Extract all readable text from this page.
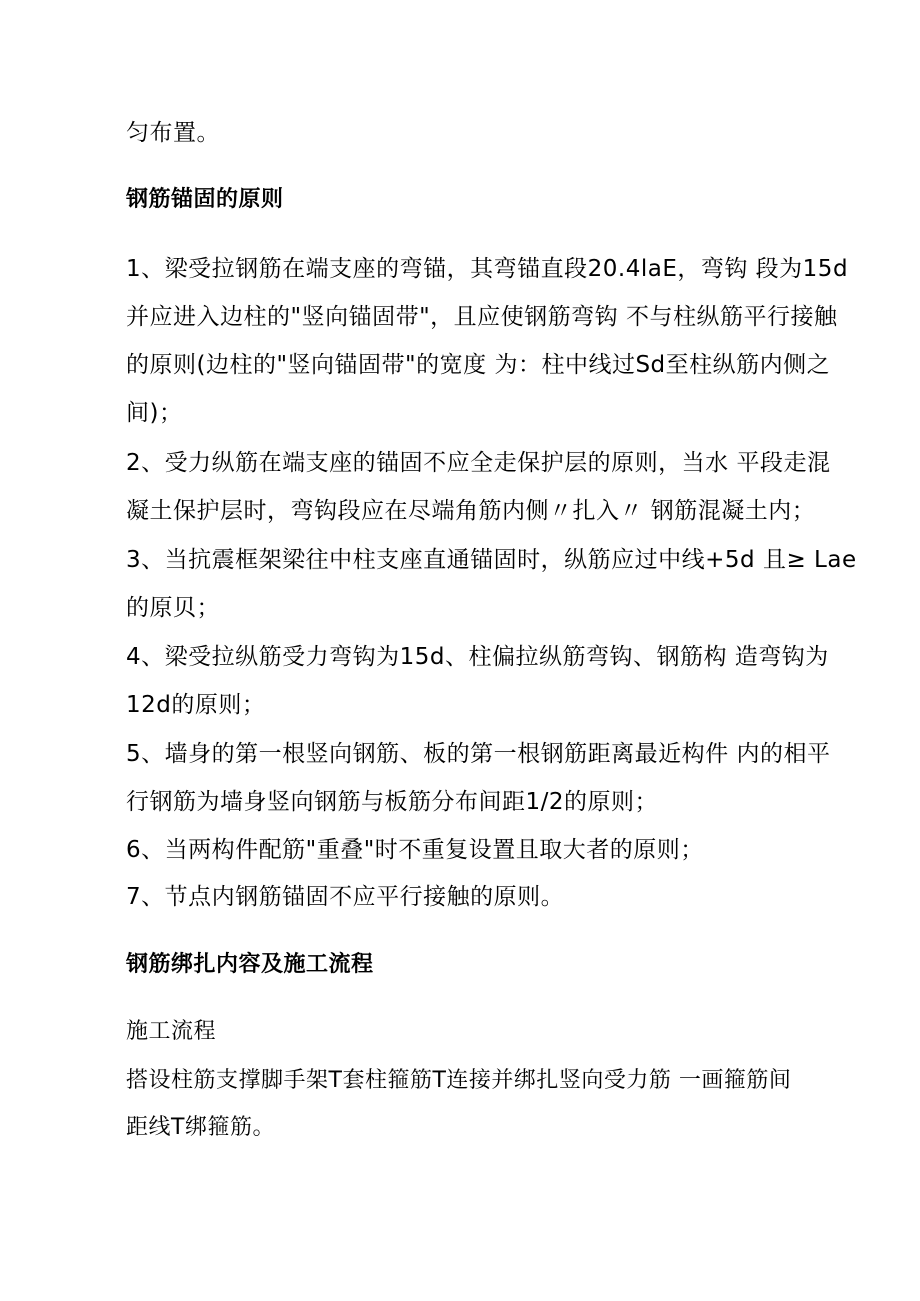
匀布置。
钢筋锚固的原则
1、梁受拉钢筋在端支座的弯锚，其弯锚直段20.4laE，弯钩 段为15d
并应进入边柱的"竖向锚固带"，且应使钢筋弯钩 不与柱纵筋平行接触
的原则(边柱的"竖向锚固带"的宽度 为：柱中线过Sd至柱纵筋内侧之
间)；
2、受力纵筋在端支座的锚固不应全走保护层的原则，当水 平段走混
凝土保护层时，弯钩段应在尽端角筋内侧〃扎入〃 钢筋混凝土内；
3、当抗震框架梁往中柱支座直通锚固时，纵筋应过中线+5d 且≥ Lae
的原贝；
4、梁受拉纵筋受力弯钩为15d、柱偏拉纵筋弯钩、钢筋构 造弯钩为
12d的原则；
5、墙身的第一根竖向钢筋、板的第一根钢筋距离最近构件 内的相平
行钢筋为墙身竖向钢筋与板筋分布间距1/2的原则；
6、当两构件配筋"重叠"时不重复设置且取大者的原则；
7、节点内钢筋锚固不应平行接触的原则。
钢筋绑扎内容及施工流程
施工流程
搭设柱筋支撑脚手架T套柱箍筋T连接并绑扎竖向受力筋 一画箍筋间
距线T绑箍筋。
